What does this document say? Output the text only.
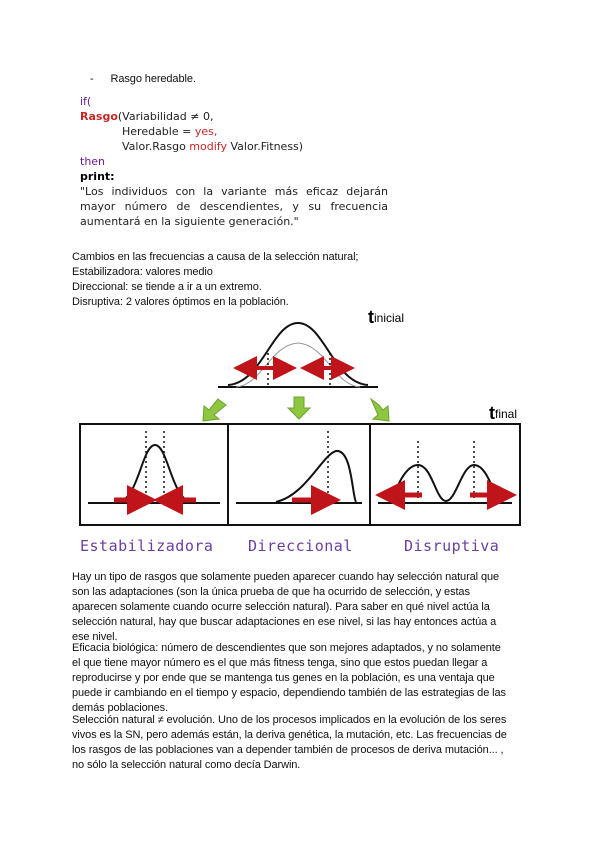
- Rasgo heredable.
if(
Rasgo(Variabilidad ≠ 0,
Heredable = yes,
Valor.Rasgo modify Valor.Fitness)
then
print:
"Los individuos con la variante más eficaz dejarán mayor número de descendientes, y su frecuencia aumentará en la siguiente generación."
Cambios en las frecuencias a causa de la selección natural;
Estabilizadora: valores medio
Direccional: se tiende a ir a un extremo.
Disruptiva: 2 valores óptimos en la población.
tinicial
tfinal
Estabilizadora Direccional	Disruptiva
Hay un tipo de rasgos que solamente pueden aparecer cuando hay selección natural que son las adaptaciones (son la única prueba de que ha ocurrido de selección, y estas aparecen solamente cuando ocurre selección natural). Para saber en qué nivel actúa la selección natural, hay que buscar adaptaciones en ese nivel, si las hay entonces actúa a ese nivel.
Eficacia biológica: número de descendientes que son mejores adaptados, y no solamente el que tiene mayor número es el que más fitness tenga, sino que estos puedan llegar a reproducirse y por ende que se mantenga tus genes en la población, es una ventaja que puede ir cambiando en el tiempo y espacio, dependiendo también de las estrategias de las demás poblaciones.
Selección natural ≠ evolución. Uno de los procesos implicados en la evolución de los seres vivos es la SN, pero además están, la deriva genética, la mutación, etc. Las frecuencias de los rasgos de las poblaciones van a depender también de procesos de deriva mutación... , no sólo la selección natural como decía Darwin.
